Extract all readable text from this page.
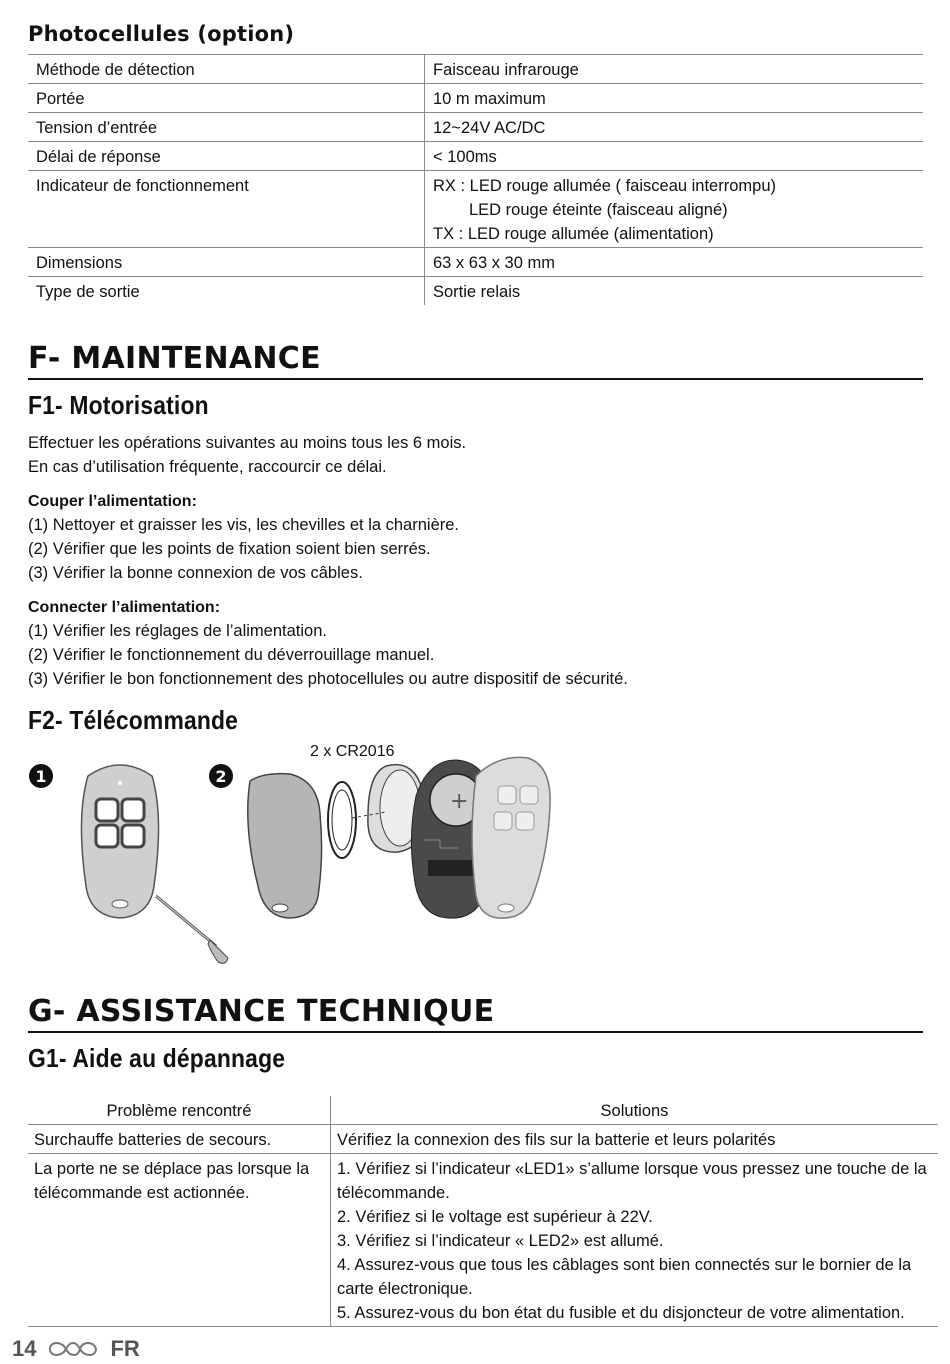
Photocellules (option)
Méthode de détection	Faisceau infrarouge
Portée	10 m maximum
Tension d’entrée	12~24V AC/DC
Délai de réponse	< 100ms
Indicateur de fonctionnement	RX : LED rouge allumée ( faisceau interrompu)
LED rouge éteinte (faisceau aligné)
TX : LED rouge allumée (alimentation)

Dimensions	63 x 63 x 30 mm
Type de sortie	Sortie relais
F- MAINTENANCE
F1- Motorisation

Effectuer les opérations suivantes au moins tous les 6 mois.

En cas d’utilisation fréquente, raccourcir ce délai.

Couper l’alimentation:

(1) Nettoyer et graisser les vis, les chevilles et la charnière.

(2) Vérifier que les points de fixation soient bien serrés.

(3) Vérifier la bonne connexion de vos câbles.

Connecter l’alimentation:

(1) Vérifier les réglages de l’alimentation.

(2) Vérifier le fonctionnement du déverrouillage manuel.

(3) Vérifier le bon fonctionnement des photocellules ou autre dispositif de sécurité.

F2- Télécommande
1	2
2 x CR2016
+
G- ASSISTANCE TECHNIQUE
G1- Aide au dépannage
Problème rencontré	Solutions
Surchauffe batteries de secours.	Vérifiez la connexion des fils sur la batterie et leurs polarités
La porte ne se déplace pas lorsque la télécommande est actionnée.	1. Vérifiez si l’indicateur «LED1» s’allume lorsque vous pressez une touche de la télécommande.
2. Vérifiez si le voltage est supérieur à 22V.
3. Vérifiez si l’indicateur « LED2» est allumé.
4. Assurez-vous que tous les câblages sont bien connectés sur le bornier de la carte électronique.
5. Assurez-vous du bon état du fusible et du disjoncteur de votre alimentation.
14	FR
